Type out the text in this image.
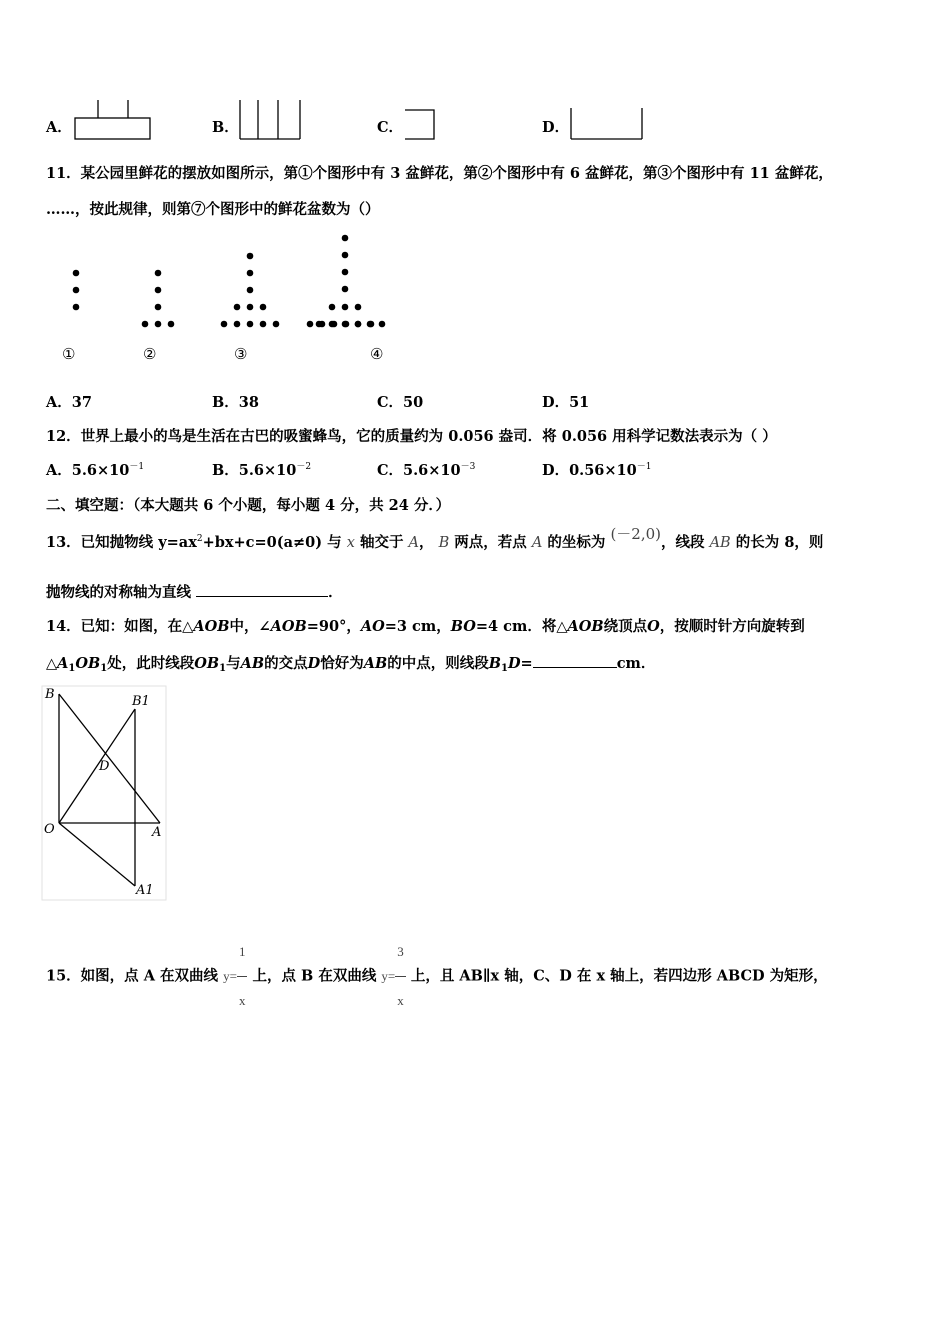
A．	B．	C．	D．
11．某公园里鲜花的摆放如图所示，第①个图形中有 3 盆鲜花，第②个图形中有 6 盆鲜花，第③个图形中有 11 盆鲜花，
……，按此规律，则第⑦个图形中的鲜花盆数为（）
①	②	③	④
A．37	B．38	C．50	D．51
12．世界上最小的鸟是生活在古巴的吸蜜蜂鸟，它的质量约为 0.056 盎司．将 0.056 用科学记数法表示为（ ）
A．$5.6\times 10^{-1}$	B．$5.6\times 10^{-2}$	C．$5.6\times 10^{-3}$	D．$0.56\times 10^{-1}$
二、填空题：（本大题共 6 个小题，每小题 4 分，共 24 分．）
13．已知抛物线 $y=ax^2+bx+c=0(a\ne 0)$ 与 x 轴交于 A， B 两点，若点 A 的坐标为 (－2,0)，线段 AB 的长为 8，则
抛物线的对称轴为直线	．
14．已知：如图，在△AOB中，∠AOB=90°，AO=3 cm，BO=4 cm．将△AOB绕顶点O，按顺时针方向旋转到
$\triangle A_1OB_1$处，此时线段$OB_1$与AB的交点D恰好为AB的中点，则线段$B_1D=$	cm．
B	B1
D
O	A
A1
15．如图，点 A 在双曲线 $y= \frac{1}{x}$ 上，点 B 在双曲线 $y= \frac{3}{x}$ 上，且 AB∥x 轴，C、D 在 x 轴上，若四边形 ABCD 为矩形，
